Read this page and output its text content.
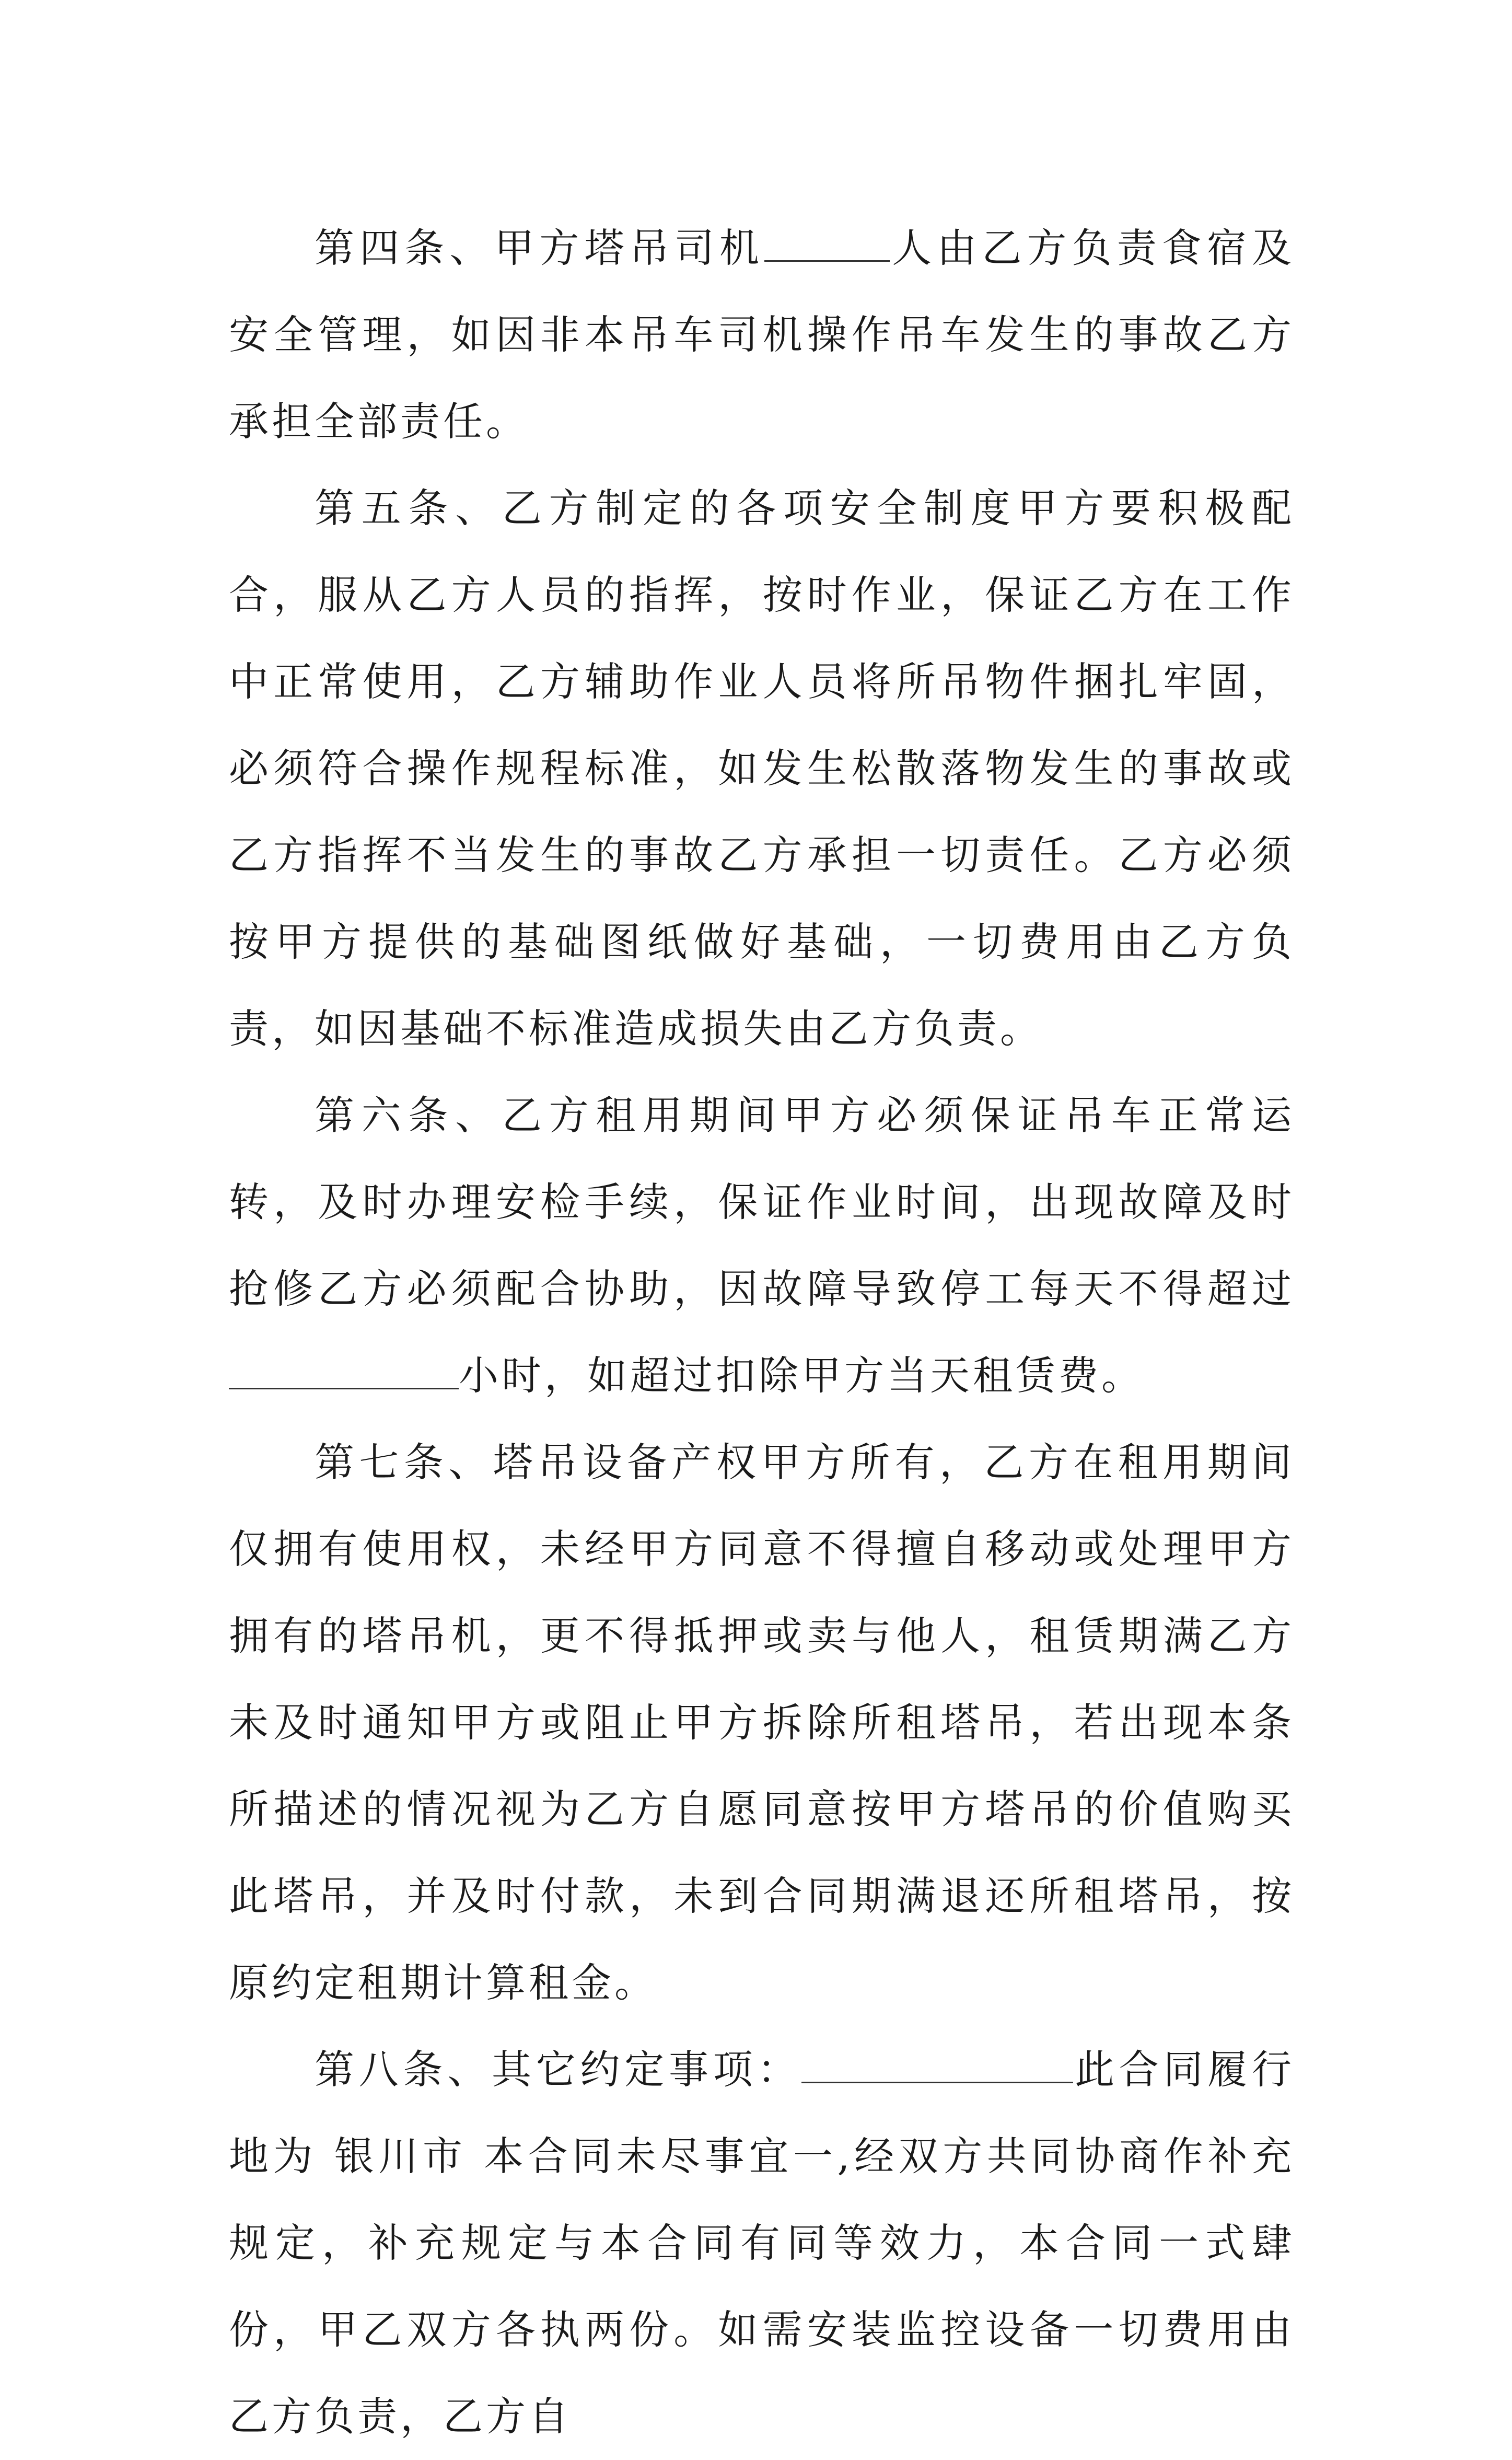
第四条、甲方塔吊司机	人由乙方负责食宿及安全管理，如因非本吊车司机操作吊车发生的事故乙方承担全部责任。

第五条、乙方制定的各项安全制度甲方要积极配合，服从乙方人员的指挥，按时作业，保证乙方在工作中正常使用，乙方辅助作业人员将所吊物件捆扎牢固，必须符合操作规程标准，如发生松散落物发生的事故或乙方指挥不当发生的事故乙方承担一切责任。乙方必须按甲方提供的基础图纸做好基础，一切费用由乙方负责，如因基础不标准造成损失由乙方负责。

第六条、乙方租用期间甲方必须保证吊车正常运转，及时办理安检手续，保证作业时间，出现故障及时抢修乙方必须配合协助，因故障导致停工每天不得超过小时，如超过扣除甲方当天租赁费。

第七条、塔吊设备产权甲方所有，乙方在租用期间仅拥有使用权，未经甲方同意不得擅自移动或处理甲方拥有的塔吊机，更不得抵押或卖与他人，租赁期满乙方未及时通知甲方或阻止甲方拆除所租塔吊，若出现本条所描述的情况视为乙方自愿同意按甲方塔吊的价值购买此塔吊，并及时付款，未到合同期满退还所租塔吊，按原约定租期计算租金。

第八条、其它约定事项：	此合同履行地为 银川市 本合同未尽事宜一,经双方共同协商作补充规定，补充规定与本合同有同等效力，本合同一式肆份，甲乙双方各执两份。如需安装监控设备一切费用由乙方负责，乙方自
